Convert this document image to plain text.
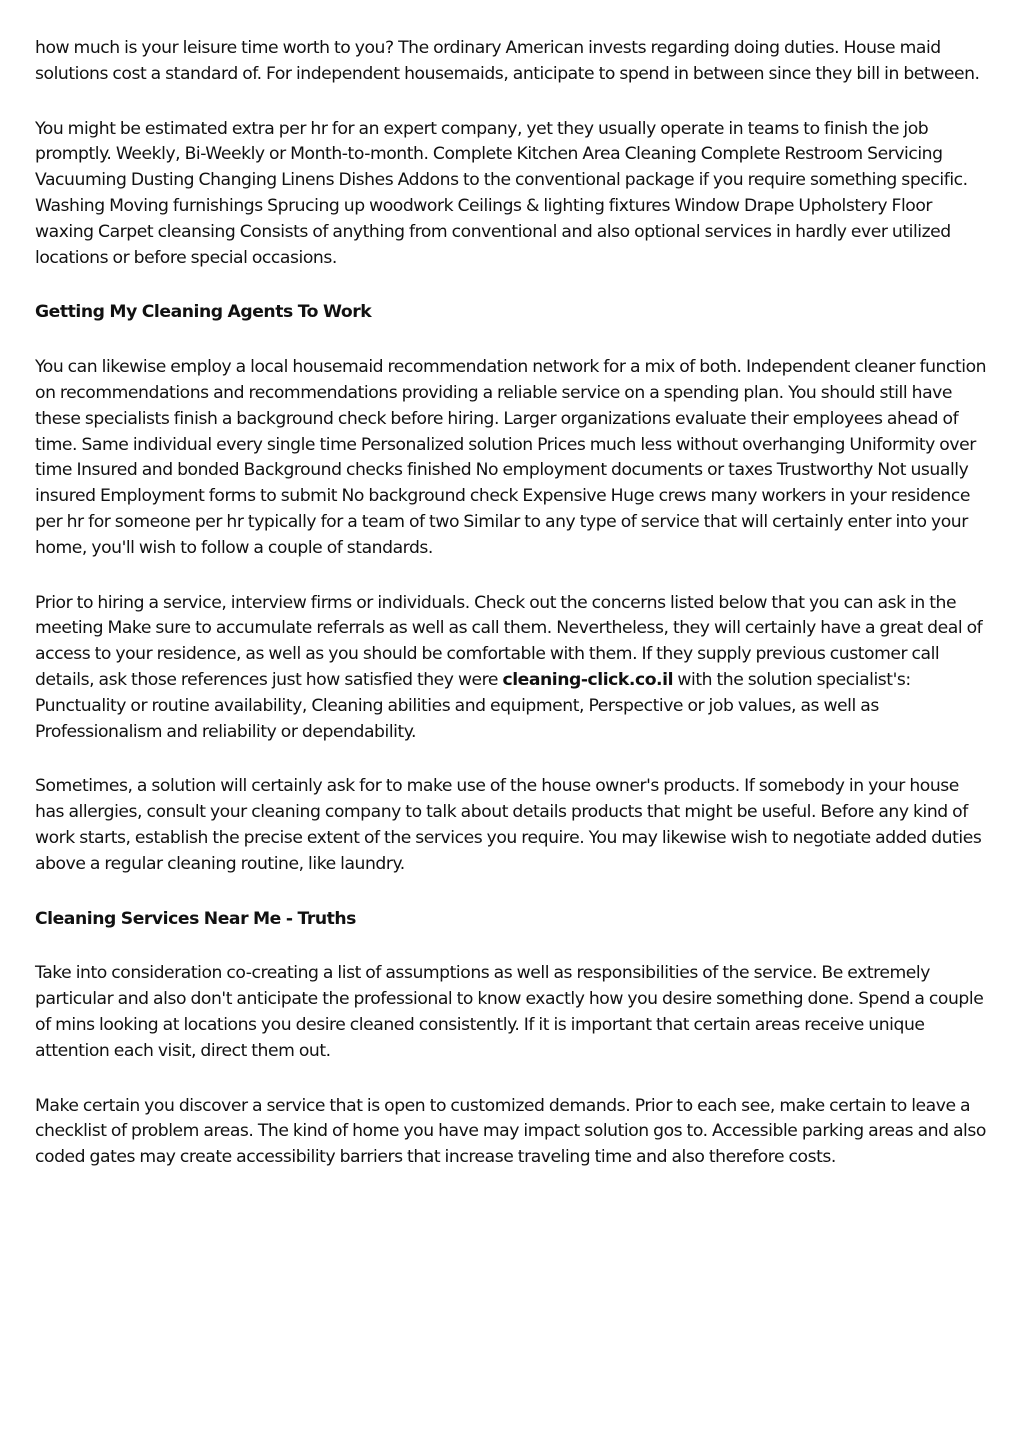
how much is your leisure time worth to you? The ordinary American invests regarding doing duties. House maid solutions cost a standard of. For independent housemaids, anticipate to spend in between since they bill in between.

You might be estimated extra per hr for an expert company, yet they usually operate in teams to finish the job promptly. Weekly, Bi-Weekly or Month-to-month. Complete Kitchen Area Cleaning Complete Restroom Servicing Vacuuming Dusting Changing Linens Dishes Addons to the conventional package if you require something specific. Washing Moving furnishings Sprucing up woodwork Ceilings & lighting fixtures Window Drape Upholstery Floor waxing Carpet cleansing Consists of anything from conventional and also optional services in hardly ever utilized locations or before special occasions.

Getting My Cleaning Agents To Work

You can likewise employ a local housemaid recommendation network for a mix of both. Independent cleaner function on recommendations and recommendations providing a reliable service on a spending plan. You should still have these specialists finish a background check before hiring. Larger organizations evaluate their employees ahead of time. Same individual every single time Personalized solution Prices much less without overhanging Uniformity over time Insured and bonded Background checks finished No employment documents or taxes Trustworthy Not usually insured Employment forms to submit No background check Expensive Huge crews many workers in your residence per hr for someone per hr typically for a team of two Similar to any type of service that will certainly enter into your home, you'll wish to follow a couple of standards.

Prior to hiring a service, interview firms or individuals. Check out the concerns listed below that you can ask in the meeting Make sure to accumulate referrals as well as call them. Nevertheless, they will certainly have a great deal of access to your residence, as well as you should be comfortable with them. If they supply previous customer call details, ask those references just how satisfied they were cleaning-click.co.il with the solution specialist's: Punctuality or routine availability, Cleaning abilities and equipment, Perspective or job values, as well as Professionalism and reliability or dependability.

Sometimes, a solution will certainly ask for to make use of the house owner's products. If somebody in your house has allergies, consult your cleaning company to talk about details products that might be useful. Before any kind of work starts, establish the precise extent of the services you require. You may likewise wish to negotiate added duties above a regular cleaning routine, like laundry.

Cleaning Services Near Me - Truths

Take into consideration co-creating a list of assumptions as well as responsibilities of the service. Be extremely particular and also don't anticipate the professional to know exactly how you desire something done. Spend a couple of mins looking at locations you desire cleaned consistently. If it is important that certain areas receive unique attention each visit, direct them out.

Make certain you discover a service that is open to customized demands. Prior to each see, make certain to leave a checklist of problem areas. The kind of home you have may impact solution gos to. Accessible parking areas and also coded gates may create accessibility barriers that increase traveling time and also therefore costs.
